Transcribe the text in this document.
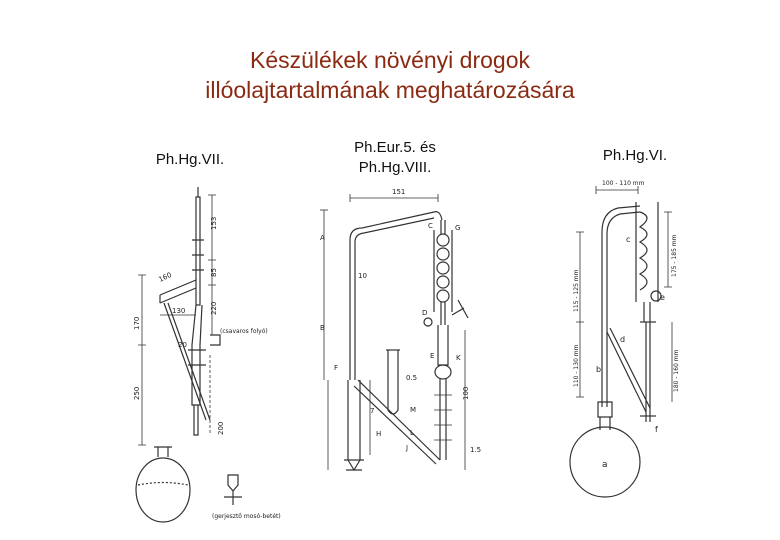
Készülékek növényi drogok
illóolajtartalmának meghatározására
Ph.Hg.VII.
Ph.Eur.5. és
Ph.Hg.VIII.
Ph.Hg.VI.
153
85
220
170
130
160
20
250
200
(csavaros folyó)
(gerjesztő mosó-betét)
151
10
7
0.5
100
1.5
H	L
A
B
C
D
E
F
G
J
K
M
100 - 110 mm
115 - 125 mm
110 - 130 mm
175 - 185 mm
180 - 160 mm
a
b
c
d
e
f
